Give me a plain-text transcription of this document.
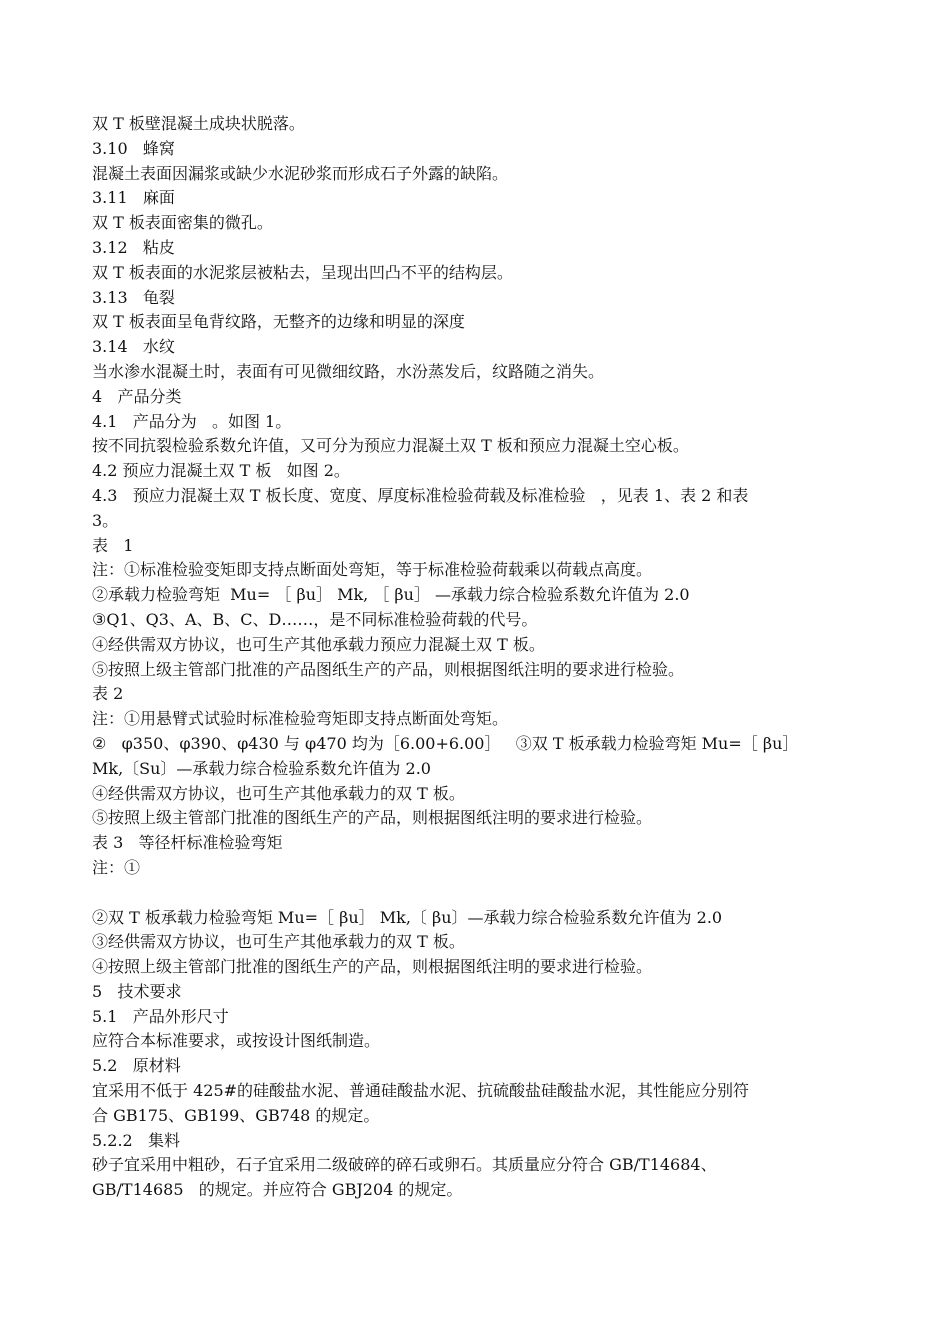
双 T 板壁混凝土成块状脱落。
3.10   蜂窝
混凝土表面因漏浆或缺少水泥砂浆而形成石子外露的缺陷。
3.11   麻面
双 T 板表面密集的微孔。
3.12   粘皮
双 T 板表面的水泥浆层被粘去，呈现出凹凸不平的结构层。
3.13   龟裂
双 T 板表面呈龟背纹路，无整齐的边缘和明显的深度
3.14   水纹
当水渗水混凝土时，表面有可见微细纹路，水汾蒸发后，纹路随之消失。
4   产品分类
4.1   产品分为   。如图 1。
按不同抗裂检验系数允许值，又可分为预应力混凝土双 T 板和预应力混凝土空心板。
4.2 预应力混凝土双 T 板   如图 2。
4.3   预应力混凝土双 T 板长度、宽度、厚度标准检验荷载及标准检验   ，见表 1、表 2 和表
3。
表   1
注：①标准检验变矩即支持点断面处弯矩，等于标准检验荷载乘以荷载点高度。
②承载力检验弯矩  Mu= ［ βu］ Mk, ［ βu］ —承载力综合检验系数允许值为 2.0
③Q1、Q3、A、B、C、D……，是不同标准检验荷载的代号。
④经供需双方协议，也可生产其他承载力预应力混凝土双 T 板。
⑤按照上级主管部门批准的产品图纸生产的产品，则根据图纸注明的要求进行检验。
表 2
注：①用悬臂式试验时标准检验弯矩即支持点断面处弯矩。
②   φ350、φ390、φ430 与 φ470 均为［6.00+6.00］   ③双 T 板承载力检验弯矩 Mu=［ βu］
Mk,〔Su〕—承载力综合检验系数允许值为 2.0
④经供需双方协议，也可生产其他承载力的双 T 板。
⑤按照上级主管部门批准的图纸生产的产品，则根据图纸注明的要求进行检验。
表 3   等径杆标准检验弯矩
注：①
②双 T 板承载力检验弯矩 Mu=［ βu］ Mk,〔 βu〕—承载力综合检验系数允许值为 2.0
③经供需双方协议，也可生产其他承载力的双 T 板。
④按照上级主管部门批准的图纸生产的产品，则根据图纸注明的要求进行检验。
5   技术要求
5.1   产品外形尺寸
应符合本标准要求，或按设计图纸制造。
5.2   原材料
宜采用不低于 425#的硅酸盐水泥、普通硅酸盐水泥、抗硫酸盐硅酸盐水泥，其性能应分别符
合 GB175、GB199、GB748 的规定。
5.2.2   集料
砂子宜采用中粗砂，石子宜采用二级破碎的碎石或卵石。其质量应分符合 GB/T14684、
GB/T14685   的规定。并应符合 GBJ204 的规定。
